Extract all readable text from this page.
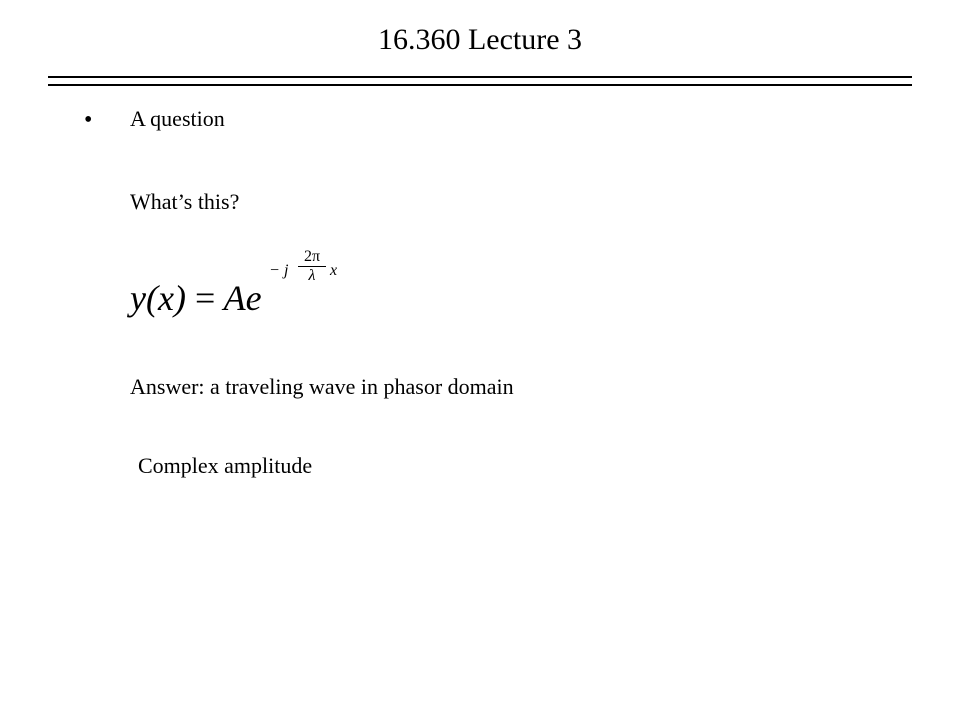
16.360 Lecture 3
• A question
What’s this?
y(x) = Ae
− j $\frac{2\pi}{\lambda}$ x
Answer: a traveling wave in phasor domain
Complex amplitude
